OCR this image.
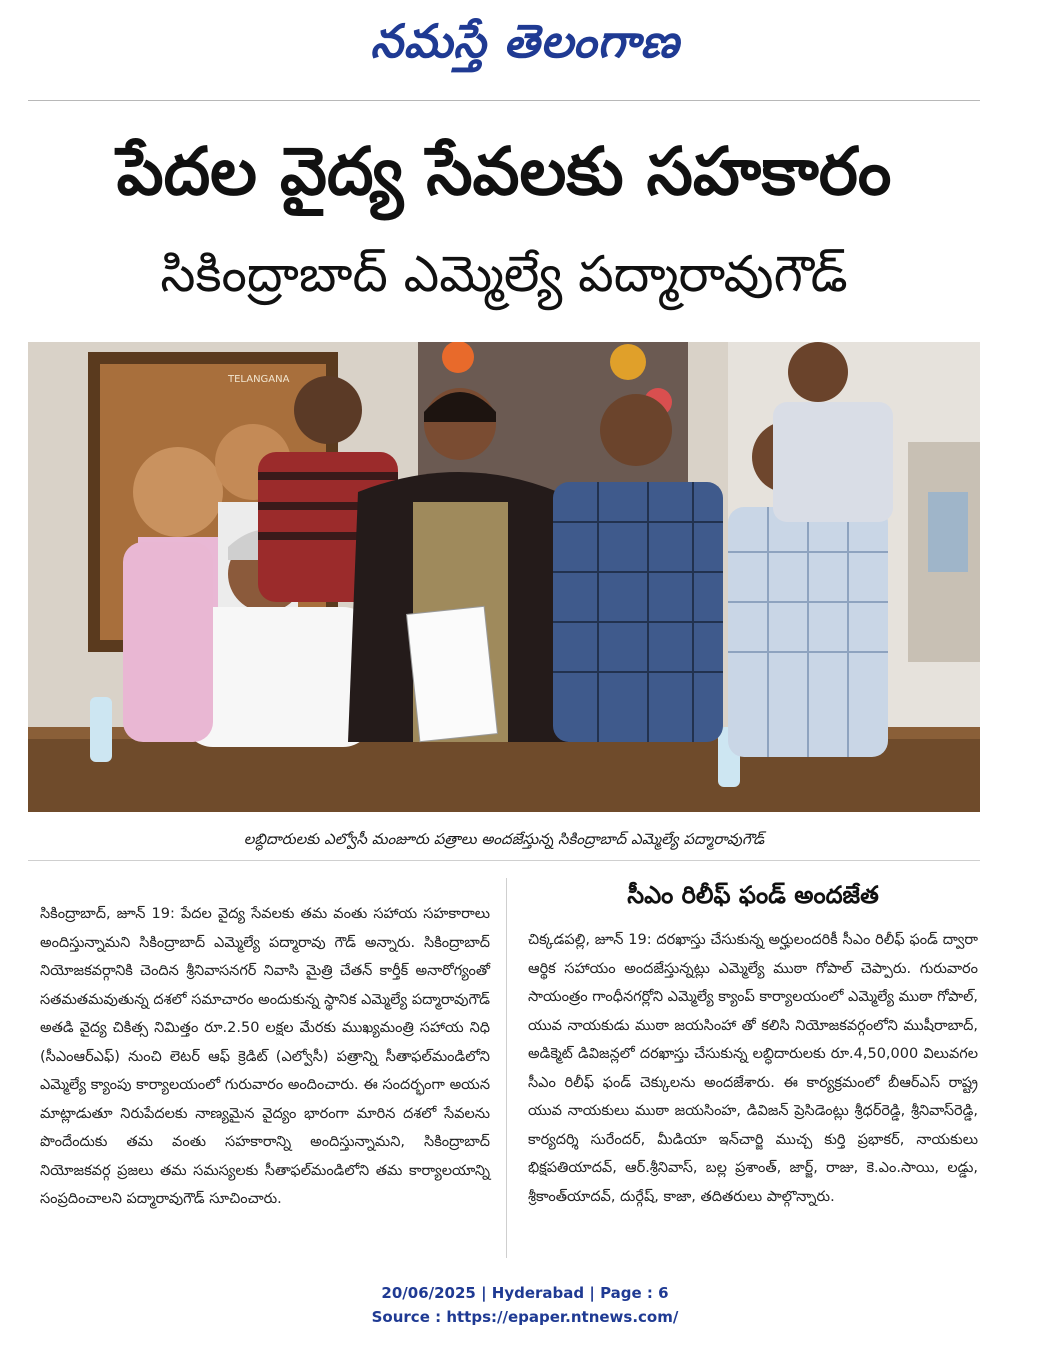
నమస్తే తెలంగాణ
పేదల వైద్య సేవలకు సహకారం
సికింద్రాబాద్ ఎమ్మెల్యే పద్మారావుగౌడ్
TELANGANA
లబ్ధిదారులకు ఎల్వోసీ మంజూరు పత్రాలు అందజేస్తున్న సికింద్రాబాద్ ఎమ్మెల్యే పద్మారావుగౌడ్
సికింద్రాబాద్, జూన్ 19: పేదల వైద్య సేవలకు తమ వంతు సహాయ సహకారాలు అందిస్తున్నామని సికింద్రాబాద్ ఎమ్మెల్యే పద్మారావు గౌడ్ అన్నారు. సికింద్రాబాద్ నియోజకవర్గానికి చెందిన శ్రీనివాసనగర్ నివాసి మైత్రి చేతన్ కార్తీక్ అనారోగ్యంతో సతమతమవుతున్న దశలో సమాచారం అందుకున్న స్థానిక ఎమ్మెల్యే పద్మారావుగౌడ్ అతడి వైద్య చికిత్స నిమిత్తం రూ.2.50 లక్షల మేరకు ముఖ్యమంత్రి సహాయ నిధి (సీఎంఆర్ఎఫ్) నుంచి లెటర్ ఆఫ్ క్రెడిట్ (ఎల్వోసీ) పత్రాన్ని సీతాఫల్‌మండిలోని ఎమ్మెల్యే క్యాంపు కార్యాలయంలో గురువారం అందించారు. ఈ సందర్భంగా అయన మాట్లాడుతూ నిరుపేదలకు నాణ్యమైన వైద్యం భారంగా మారిన దశలో సేవలను పొందేందుకు తమ వంతు సహకారాన్ని అందిస్తున్నామని, సికింద్రాబాద్ నియోజకవర్గ ప్రజలు తమ సమస్యలకు సీతాఫల్‌మండిలోని తమ కార్యాలయాన్ని సంప్రదించాలని పద్మారావుగౌడ్ సూచించారు.
సీఎం రిలీఫ్ ఫండ్ అందజేత
చిక్కడపల్లి, జూన్ 19: దరఖాస్తు చేసుకున్న అర్హులందరికీ సీఎం రిలీఫ్ ఫండ్ ద్వారా ఆర్థిక సహాయం అందజేస్తున్నట్లు ఎమ్మెల్యే ముఠా గోపాల్ చెప్పారు. గురువారం సాయంత్రం గాంధీనగర్లోని ఎమ్మెల్యే క్యాంప్ కార్యాలయంలో ఎమ్మెల్యే ముఠా గోపాల్, యువ నాయకుడు ముఠా జయసింహా తో కలిసి నియోజకవర్గంలోని ముషీరాబాద్, అడిక్మెట్ డివిజన్లలో దరఖాస్తు చేసుకున్న లబ్ధిదారులకు రూ.4,50,000 విలువగల సీఎం రిలీఫ్ ఫండ్ చెక్కులను అందజేశారు. ఈ కార్యక్రమంలో బీఆర్ఎస్ రాష్ట్ర యువ నాయకులు ముఠా జయసింహ, డివిజన్ ప్రెసిడెంట్లు శ్రీధర్‌రెడ్డి, శ్రీనివాస్‌రెడ్డి, కార్యదర్శి సురేందర్, మీడియా ఇన్‌చార్జి ముచ్చ కుర్తి ప్రభాకర్, నాయకులు భిక్షపతియాదవ్, ఆర్.శ్రీనివాస్, బల్ల ప్రశాంత్, జార్జ్, రాజు, కె.ఎం.సాయి, లడ్డు, శ్రీకాంత్‌యాదవ్, దుర్గేష్, కాజా, తదితరులు పాల్గొన్నారు.
20/06/2025 | Hyderabad | Page : 6
Source : https://epaper.ntnews.com/
